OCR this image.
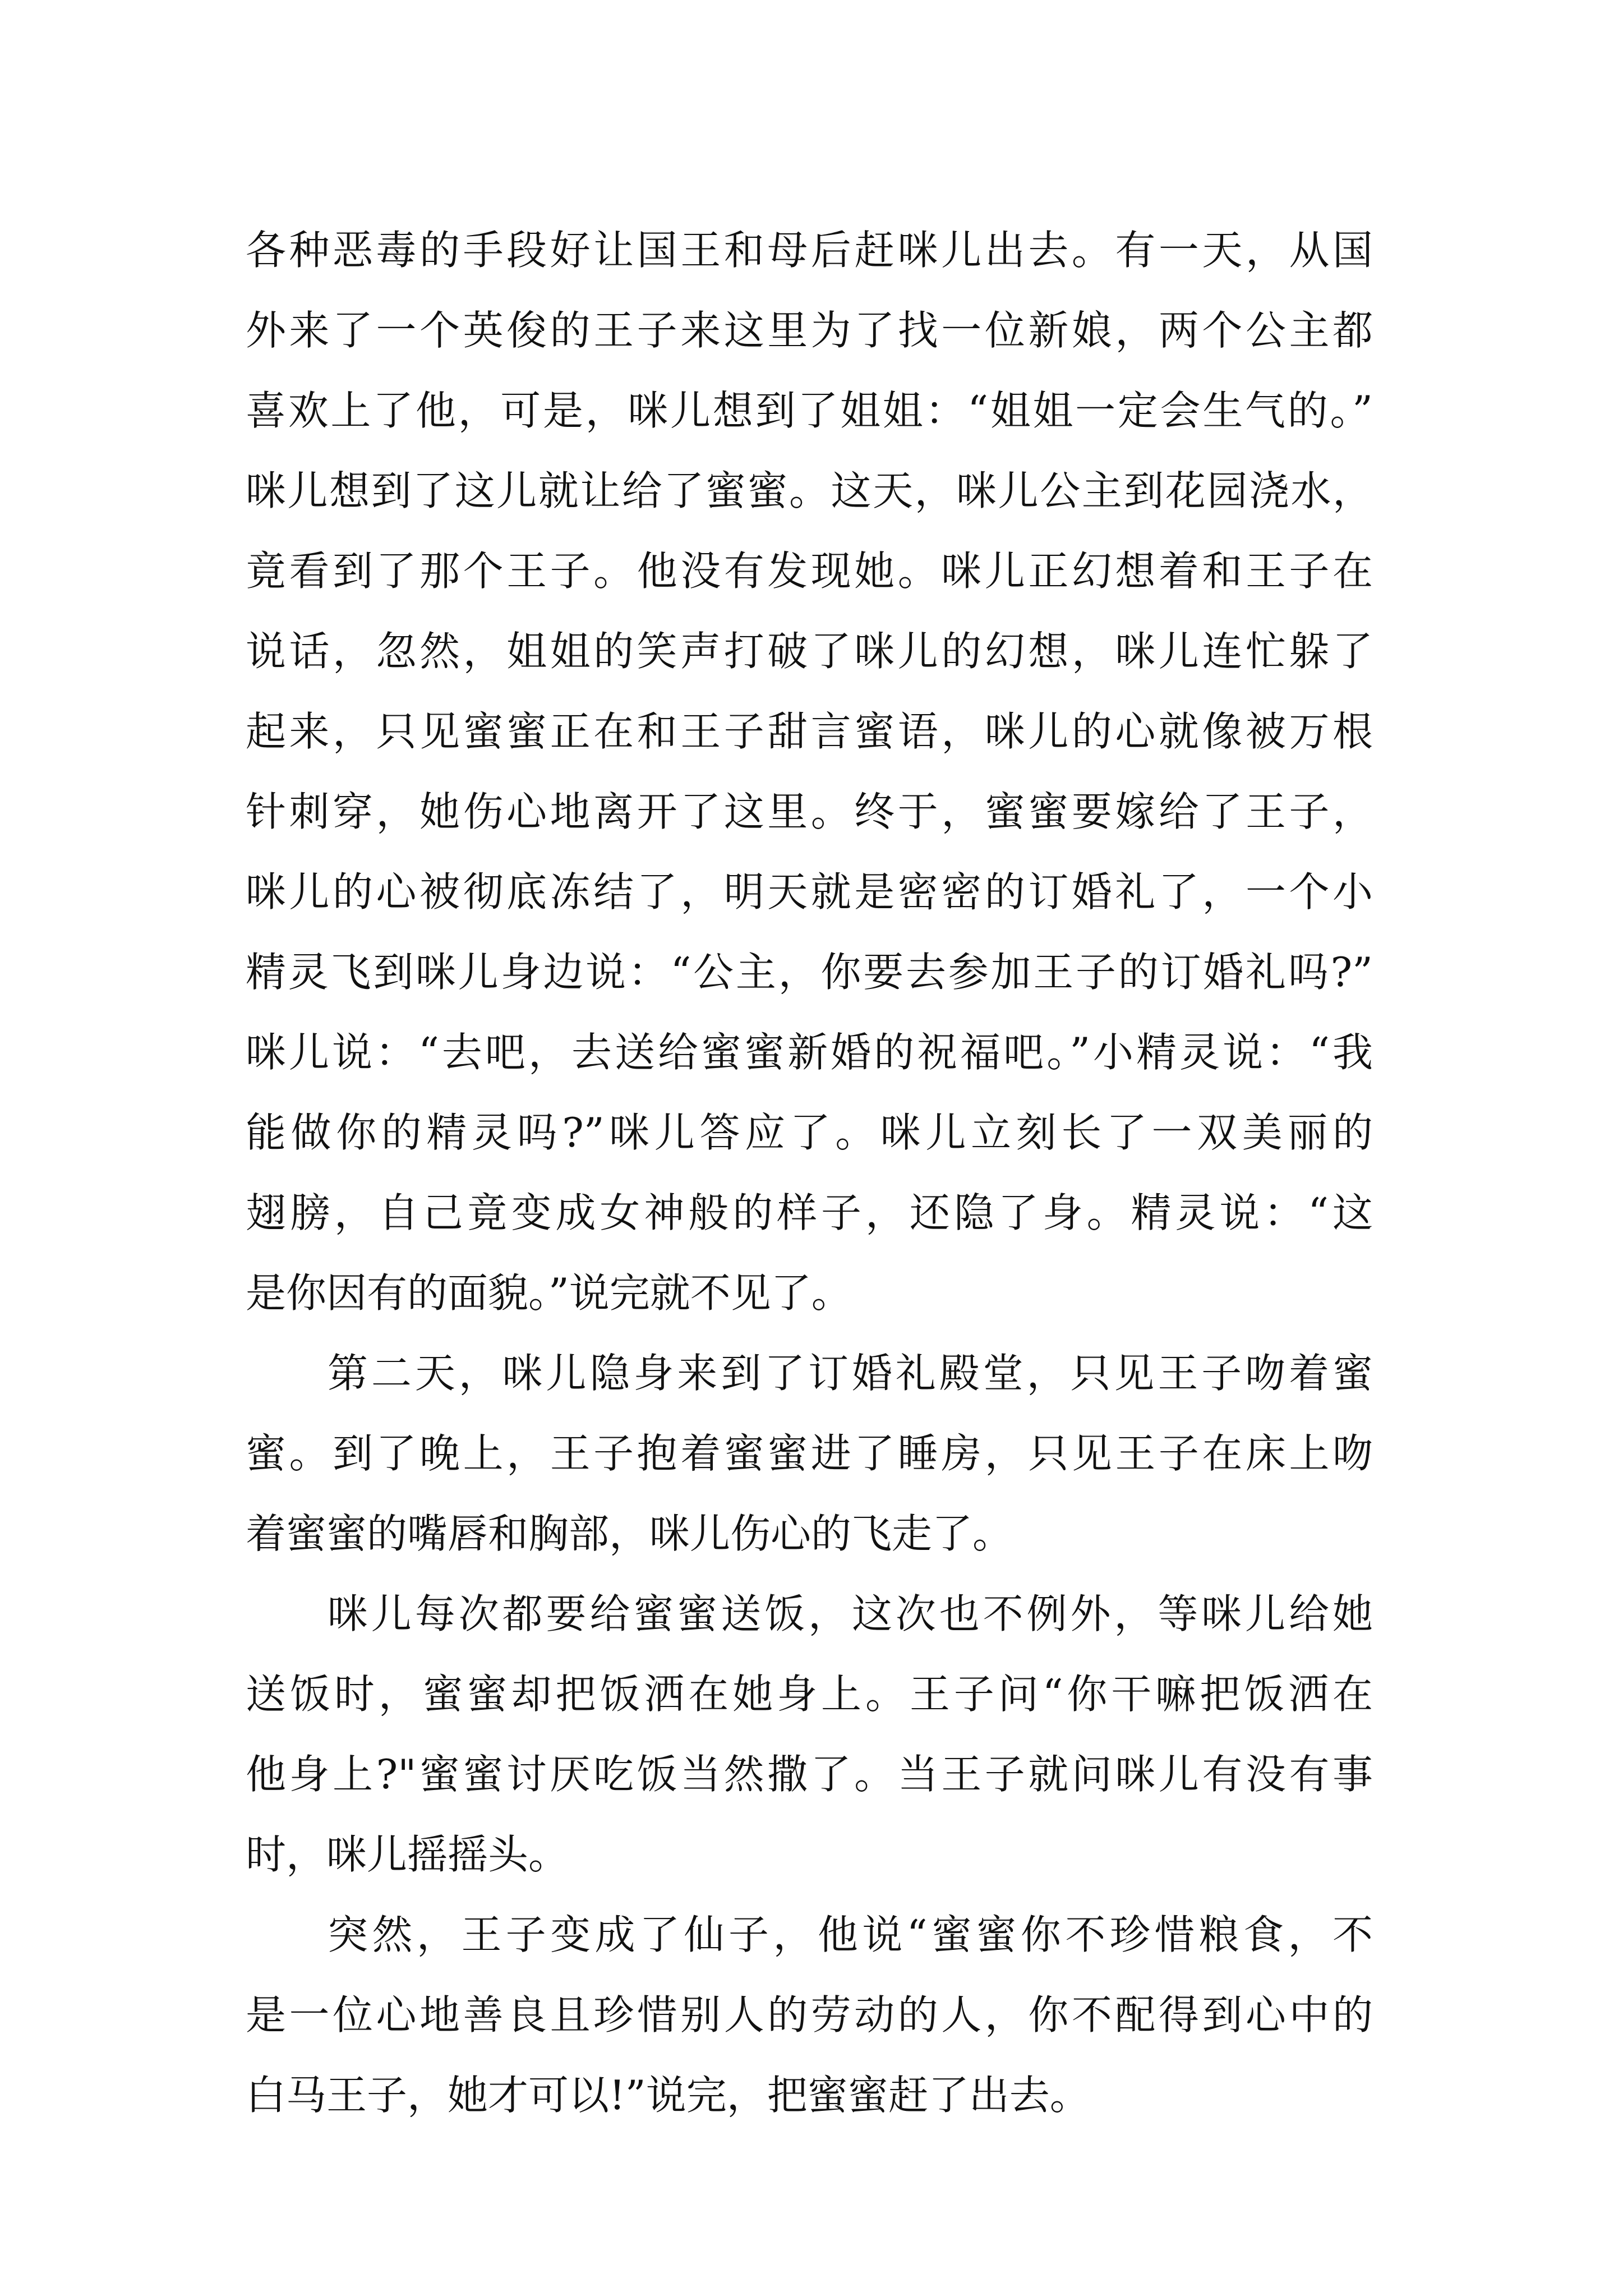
各种恶毒的手段好让国王和母后赶咪儿出去。有一天，从国
外来了一个英俊的王子来这里为了找一位新娘，两个公主都
喜欢上了他，可是，咪儿想到了姐姐：“姐姐一定会生气的。”
咪儿想到了这儿就让给了蜜蜜。这天，咪儿公主到花园浇水，
竟看到了那个王子。他没有发现她。咪儿正幻想着和王子在
说话，忽然，姐姐的笑声打破了咪儿的幻想，咪儿连忙躲了
起来，只见蜜蜜正在和王子甜言蜜语，咪儿的心就像被万根
针刺穿，她伤心地离开了这里。终于，蜜蜜要嫁给了王子，
咪儿的心被彻底冻结了，明天就是密密的订婚礼了，一个小
精灵飞到咪儿身边说：“公主，你要去参加王子的订婚礼吗?”
咪儿说：“去吧，去送给蜜蜜新婚的祝福吧。”小精灵说：“我
能做你的精灵吗?”咪儿答应了。咪儿立刻长了一双美丽的
翅膀，自己竟变成女神般的样子，还隐了身。精灵说：“这
是你因有的面貌。”说完就不见了。
第二天，咪儿隐身来到了订婚礼殿堂，只见王子吻着蜜
蜜。到了晚上，王子抱着蜜蜜进了睡房，只见王子在床上吻
着蜜蜜的嘴唇和胸部，咪儿伤心的飞走了。
咪儿每次都要给蜜蜜送饭，这次也不例外，等咪儿给她
送饭时，蜜蜜却把饭洒在她身上。王子问“你干嘛把饭洒在
他身上?"蜜蜜讨厌吃饭当然撒了。当王子就问咪儿有没有事
时，咪儿摇摇头。
突然，王子变成了仙子，他说“蜜蜜你不珍惜粮食，不
是一位心地善良且珍惜别人的劳动的人，你不配得到心中的
白马王子，她才可以!”说完，把蜜蜜赶了出去。
